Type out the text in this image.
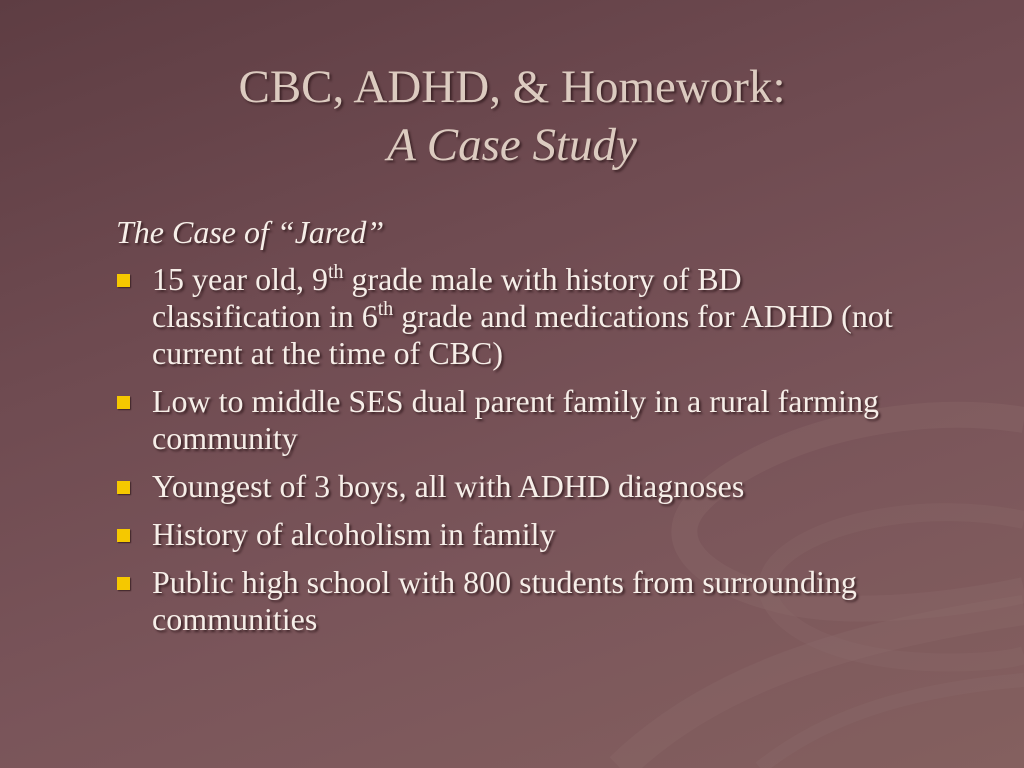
CBC, ADHD, & Homework:
A Case Study
The Case of “Jared”
15 year old, 9th grade male with history of BD classification in 6th grade and medications for ADHD (not current at the time of CBC)
Low to middle SES dual parent family in a rural farming community
Youngest of 3 boys, all with ADHD diagnoses
History of alcoholism in family
Public high school with 800 students from surrounding communities
